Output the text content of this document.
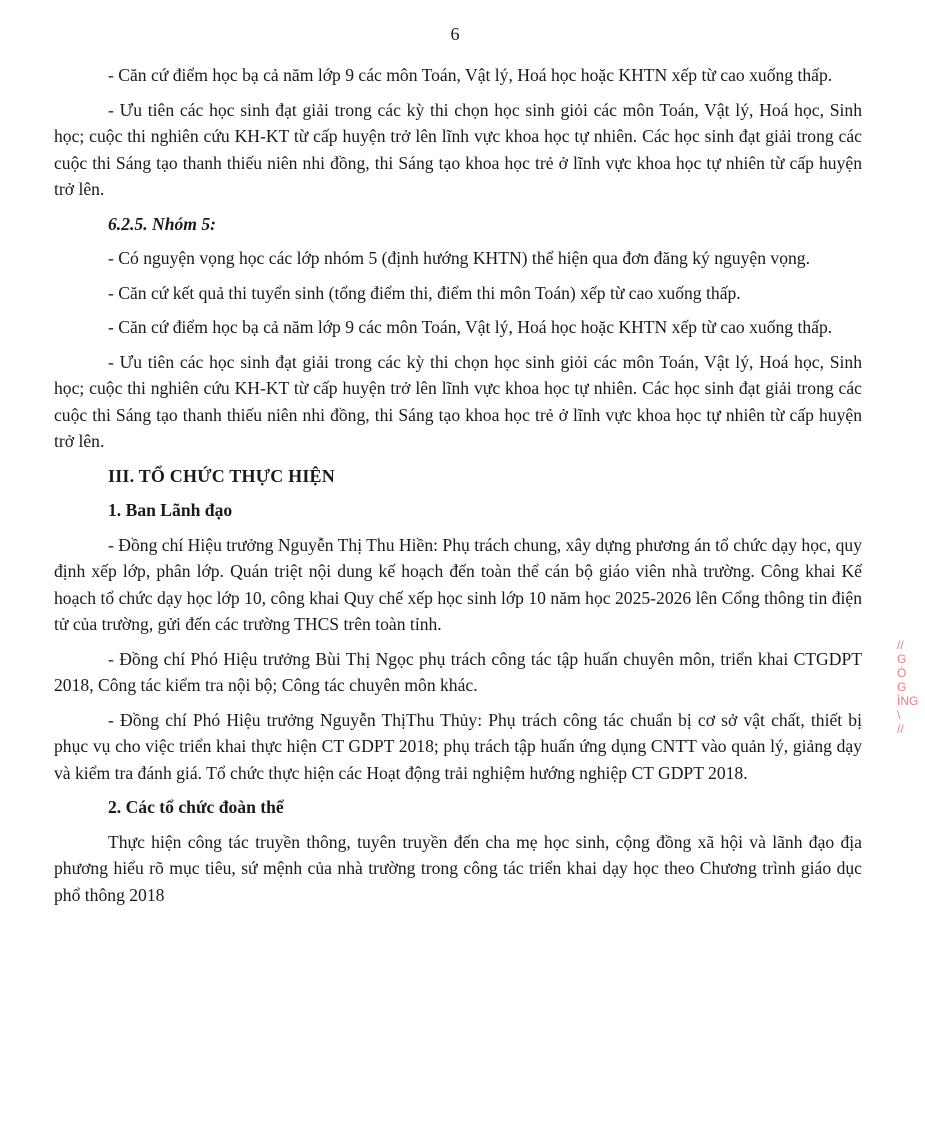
6

- Căn cứ điểm học bạ cả năm lớp 9 các môn Toán, Vật lý, Hoá học hoặc KHTN xếp từ cao xuống thấp.

- Ưu tiên các học sinh đạt giải trong các kỳ thi chọn học sinh giỏi các môn Toán, Vật lý, Hoá học, Sinh học; cuộc thi nghiên cứu KH-KT từ cấp huyện trở lên lĩnh vực khoa học tự nhiên. Các học sinh đạt giải trong các cuộc thi Sáng tạo thanh thiếu niên nhi đồng, thi Sáng tạo khoa học trẻ ở lĩnh vực khoa học tự nhiên từ cấp huyện trở lên.

6.2.5. Nhóm 5:

- Có nguyện vọng học các lớp nhóm 5 (định hướng KHTN) thể hiện qua đơn đăng ký nguyện vọng.

- Căn cứ kết quả thi tuyển sinh (tổng điểm thi, điểm thi môn Toán) xếp từ cao xuống thấp.

- Căn cứ điểm học bạ cả năm lớp 9 các môn Toán, Vật lý, Hoá học hoặc KHTN xếp từ cao xuống thấp.

- Ưu tiên các học sinh đạt giải trong các kỳ thi chọn học sinh giỏi các môn Toán, Vật lý, Hoá học, Sinh học; cuộc thi nghiên cứu KH-KT từ cấp huyện trở lên lĩnh vực khoa học tự nhiên. Các học sinh đạt giải trong các cuộc thi Sáng tạo thanh thiếu niên nhi đồng, thi Sáng tạo khoa học trẻ ở lĩnh vực khoa học tự nhiên từ cấp huyện trở lên.

III. TỔ CHỨC THỰC HIỆN

1. Ban Lãnh đạo

- Đồng chí Hiệu trưởng Nguyễn Thị Thu Hiền: Phụ trách chung, xây dựng phương án tổ chức dạy học, quy định xếp lớp, phân lớp. Quán triệt nội dung kế hoạch đến toàn thể cán bộ giáo viên nhà trường. Công khai Kế hoạch tổ chức dạy học lớp 10, công khai Quy chế xếp học sinh lớp 10 năm học 2025-2026 lên Cổng thông tin điện tử của trường, gửi đến các trường THCS trên toàn tỉnh.

- Đồng chí Phó Hiệu trưởng Bùi Thị Ngọc phụ trách công tác tập huấn chuyên môn, triển khai CTGDPT 2018, Công tác kiểm tra nội bộ; Công tác chuyên môn khác.

- Đồng chí Phó Hiệu trưởng Nguyễn ThịThu Thủy: Phụ trách công tác chuẩn bị cơ sở vật chất, thiết bị phục vụ cho việc triển khai thực hiện CT GDPT 2018; phụ trách tập huấn ứng dụng CNTT vào quản lý, giảng dạy và kiểm tra đánh giá. Tổ chức thực hiện các Hoạt động trải nghiệm hướng nghiệp CT GDPT 2018.

2. Các tổ chức đoàn thể

Thực hiện công tác truyền thông, tuyên truyền đến cha mẹ học sinh, cộng đồng xã hội và lãnh đạo địa phương hiểu rõ mục tiêu, sứ mệnh của nhà trường trong công tác triển khai dạy học theo Chương trình giáo dục phổ thông 2018

//
G
Ó
G
ÌNG
\
//
